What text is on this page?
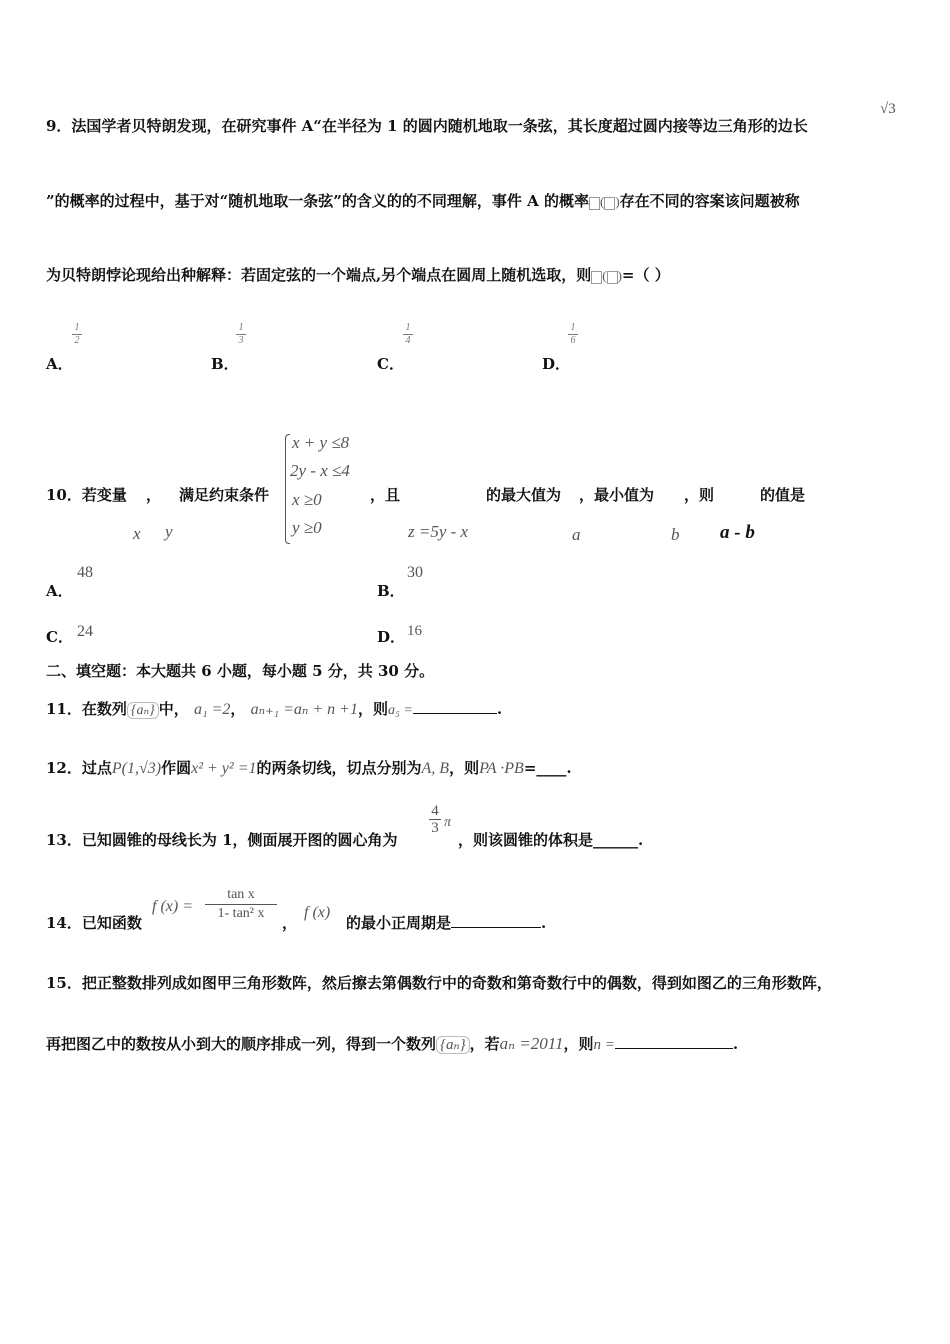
9．法国学者贝特朗发现，在研究事件 A“在半径为 1 的圆内随机地取一条弦，其长度超过圆内接等边三角形的边长
√3
”的概率的过程中，基于对“随机地取一条弦”的含义的的不同理解，事件 A 的概率 ( )存在不同的容案该问题被称
为贝特朗悖论现给出种解释：若固定弦的一个端点,另个端点在圆周上随机选取，则 ( )=（ ）
A．
1
2
B．
1
3
C．
1
4
D．
1
6
10．若变量 ， 满足约束条件
x y
x + y ≤8
2y - x ≤4
x ≥0
y ≥0
，且
z =5y - x
的最大值为 ，最小值为 ，则	的值是
a	b a - b
A．
48
B．
30
C． 24	D． 16
二、填空题：本大题共 6 小题，每小题 5 分，共 30 分。
11．在数列 {aₙ} 中， a₁ =2， aₙ₊₁ =aₙ + n +1，则a₅ =	.
12．过点P(1,√3)作圆x² + y² =1的两条切线，切点分别为A, B，则PA ·PB=____.
13．已知圆锥的母线长为 1，侧面展开图的圆心角为
4
3 π
，则该圆锥的体积是______.
14．已知函数
f (x) =
tan x
1- tan² x
，
f (x)
的最小正周期是	.
15．把正整数排列成如图甲三角形数阵，然后擦去第偶数行中的奇数和第奇数行中的偶数，得到如图乙的三角形数阵，
再把图乙中的数按从小到大的顺序排成一列，得到一个数列 {aₙ} ，若aₙ =2011，则n =	.
